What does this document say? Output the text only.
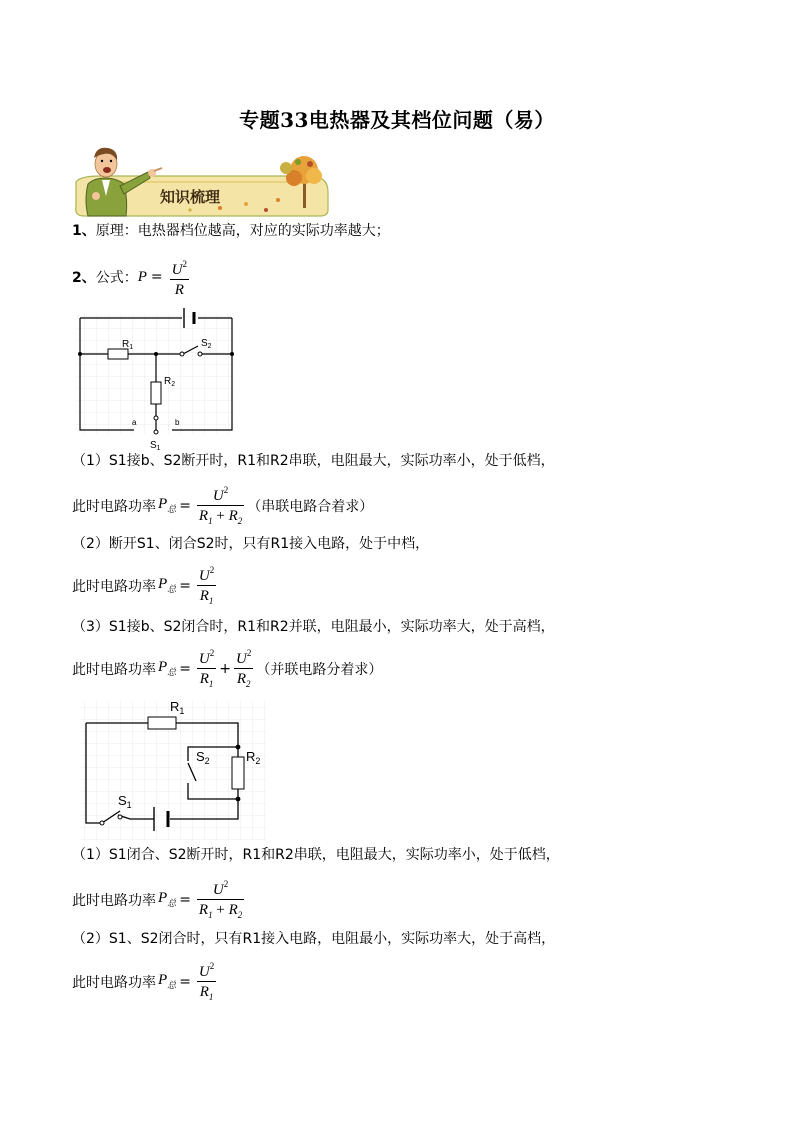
专题33电热器及其档位问题（易）
知识梳理
1、原理：电热器档位越高，对应的实际功率越大；
2、 公式： $P = \frac{U^2}{R}$
$R_1$
$R_2$
$S_2$
$S_1$
a	b
（1）S1接b、S2断开时，R1和R2串联，电阻最大，实际功率小，处于低档，
此时电路功率 $P_总 = \frac{U^2}{R_1 + R_2}$ （串联电路合着求）
（2）断开S1、闭合S2时，只有R1接入电路，处于中档，
此时电路功率 $P_总 = \frac{U^2}{R_1}$
（3）S1接b、S2闭合时，R1和R2并联，电阻最小，实际功率大，处于高档，
此时电路功率 $P_总 = \frac{U^2}{R_1} + \frac{U^2}{R_2}$ （并联电路分着求）
$R_1$
$R_2$
$S_2$
$S_1$
（1）S1闭合、S2断开时，R1和R2串联，电阻最大，实际功率小，处于低档，
此时电路功率 $P_总 = \frac{U^2}{R_1 + R_2}$
（2）S1、S2闭合时，只有R1接入电路，电阻最小，实际功率大，处于高档，
此时电路功率 $P_总 = \frac{U^2}{R_1}$
